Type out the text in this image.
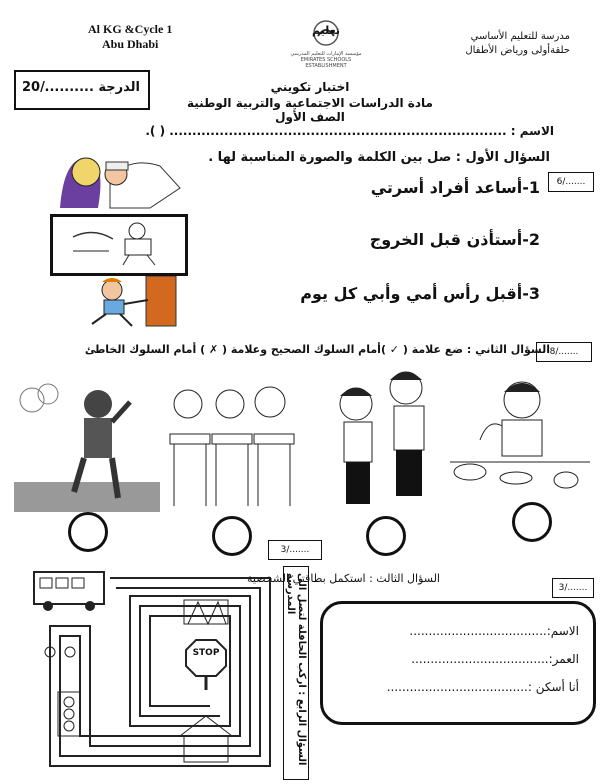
Al KG &Cycle 1
Abu Dhabi
تعليم
مؤسسة الإمارات للتعليم المدرسي EMIRATES SCHOOLS ESTABLISHMENT
مدرسة للتعليم الأساسي
حلقةأولى ورياض الأطفال
الدرجة ..........
20/	اختبار تكويني
مادة الدراسات الاجتماعية والتربية الوطنية الصف الأول
الاسم : .......................................................................... ( ).
السؤال الأول : صل بين الكلمة والصورة المناسبة لها .
6/.......
1-أساعد أفراد أسرتي
2-أستأذن قبل الخروج
3-أقبل رأس أمي وأبي كل يوم
السؤال الثاني : ضع علامة ( ✓ )أمام السلوك الصحيح وعلامة ( ✗ ) أمام السلوك الخاطئ 8/.......
3/.......
السؤال الرابع : اركب الحافلة لتصل الى المدرسة
STOP
السؤال الثالث : استكمل بطاقتي الشخصية
3/.......
الاسم:....................................
العمر:....................................
أنا أسكن :.....................................
